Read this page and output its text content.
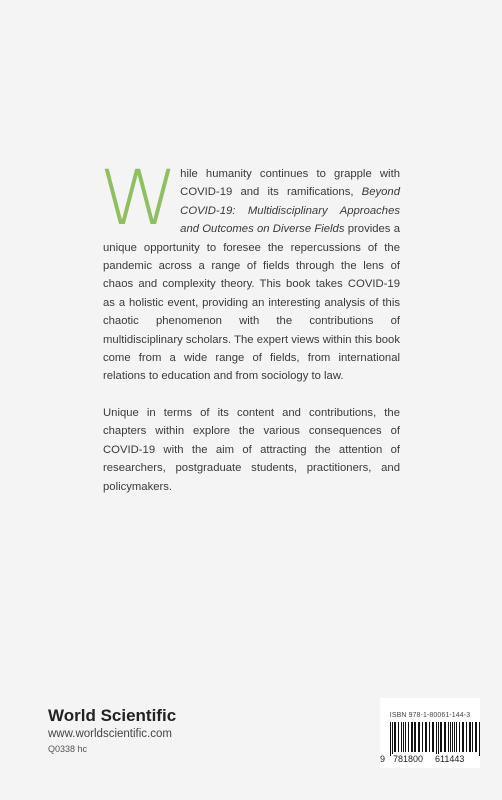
While humanity continues to grapple with COVID-19 and its ramifications, Beyond COVID-19: Multidisciplinary Approaches and Outcomes on Diverse Fields provides a unique opportunity to foresee the repercussions of the pandemic across a range of fields through the lens of chaos and complexity theory. This book takes COVID-19 as a holistic event, providing an interesting analysis of this chaotic phenomenon with the contributions of multidisciplinary scholars. The expert views within this book come from a wide range of fields, from international relations to education and from sociology to law.

Unique in terms of its content and contributions, the chapters within explore the various consequences of COVID-19 with the aim of attracting the attention of researchers, postgraduate students, practitioners, and policymakers.

World Scientific
www.worldscientific.com
Q0338 hc
ISBN 978-1-80061-144-3
9 781800 611443
